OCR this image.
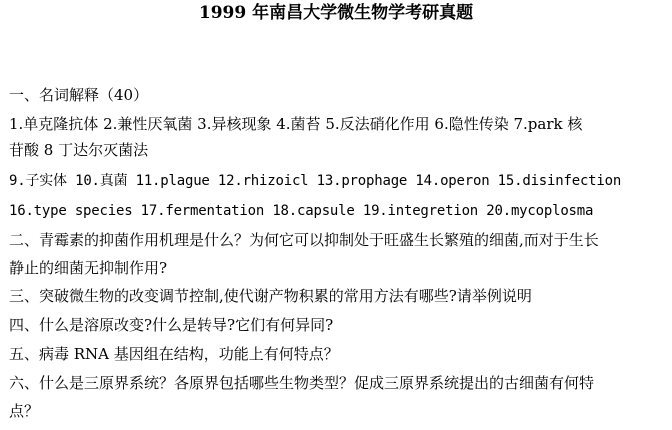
1999 年南昌大学微生物学考研真题
一、名词解释（40）
1.单克隆抗体 2.兼性厌氧菌 3.异核现象 4.菌苔 5.反法硝化作用 6.隐性传染 7.park 核
苷酸 8 丁达尔灭菌法
9.子实体 10.真菌 11.plague 12.rhizoicl 13.prophage 14.operon 15.disinfection
16.type species 17.fermentation 18.capsule 19.integretion 20.mycoplosma
二、青霉素的抑菌作用机理是什么？为何它可以抑制处于旺盛生长繁殖的细菌,而对于生长
静止的细菌无抑制作用?
三、突破微生物的改变调节控制,使代谢产物积累的常用方法有哪些?请举例说明
四、什么是溶原改变?什么是转导?它们有何异同?
五、病毒 RNA 基因组在结构，功能上有何特点？
六、什么是三原界系统？各原界包括哪些生物类型？促成三原界系统提出的古细菌有何特
点？
